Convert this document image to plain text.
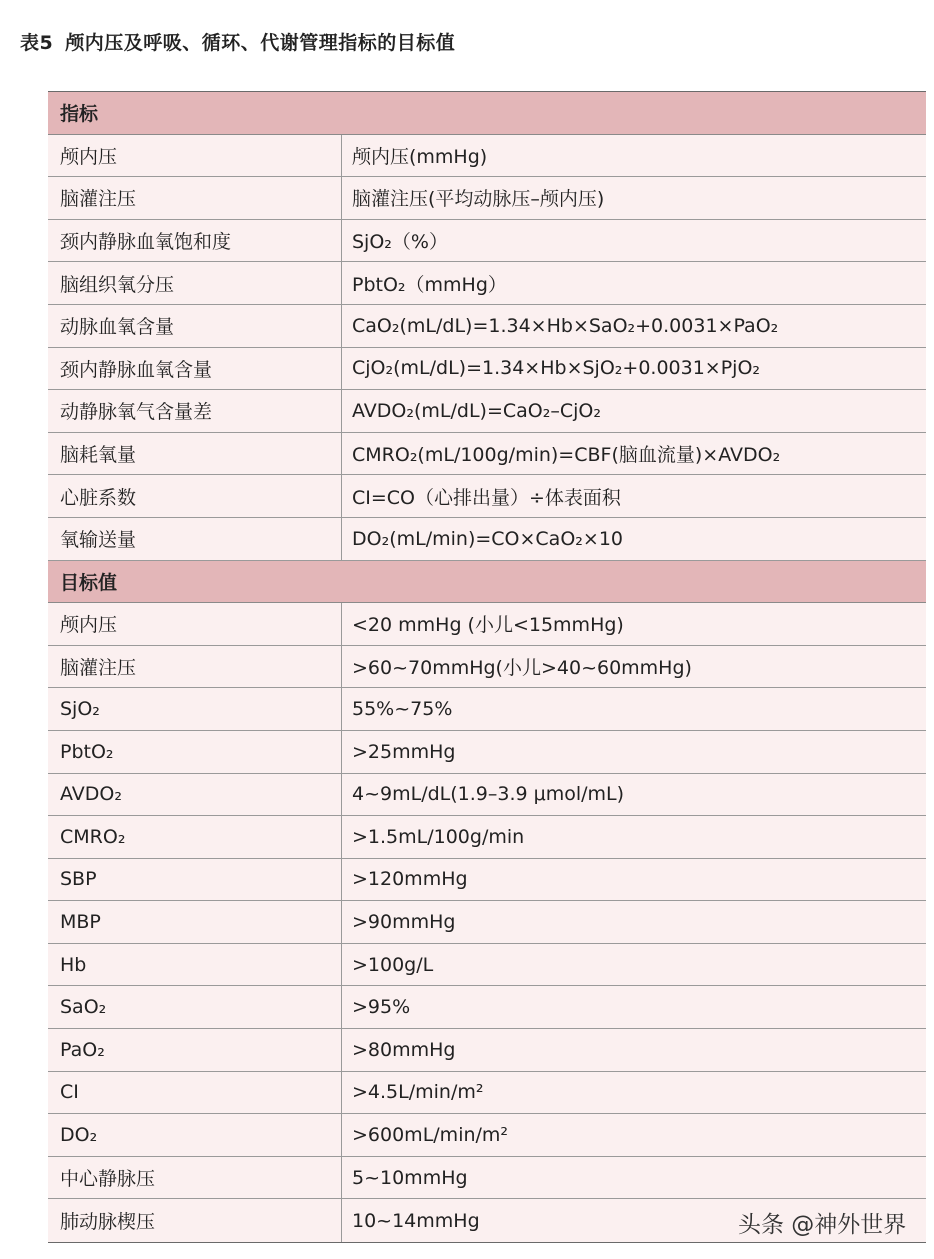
表5 颅内压及呼吸、循环、代谢管理指标的目标值
指标
颅内压	颅内压(mmHg)
脑灌注压	脑灌注压(平均动脉压–颅内压)
颈内静脉血氧饱和度	SjO₂（%）
脑组织氧分压	PbtO₂（mmHg）
动脉血氧含量	CaO₂(mL/dL)=1.34×Hb×SaO₂+0.0031×PaO₂
颈内静脉血氧含量	CjO₂(mL/dL)=1.34×Hb×SjO₂+0.0031×PjO₂
动静脉氧气含量差	AVDO₂(mL/dL)=CaO₂–CjO₂
脑耗氧量	CMRO₂(mL/100g/min)=CBF(脑血流量)×AVDO₂
心脏系数	CI=CO（心排出量）÷体表面积
氧输送量	DO₂(mL/min)=CO×CaO₂×10
目标值
颅内压	<20 mmHg (小儿<15mmHg)
脑灌注压	>60~70mmHg(小儿>40~60mmHg)
SjO₂	55%~75%
PbtO₂	>25mmHg
AVDO₂	4~9mL/dL(1.9–3.9 μmol/mL)
CMRO₂	>1.5mL/100g/min
SBP	>120mmHg
MBP	>90mmHg
Hb	>100g/L
SaO₂	>95%
PaO₂	>80mmHg
CI	>4.5L/min/m²
DO₂	>600mL/min/m²
中心静脉压	5~10mmHg
肺动脉楔压	10~14mmHg	头条 @神外世界
